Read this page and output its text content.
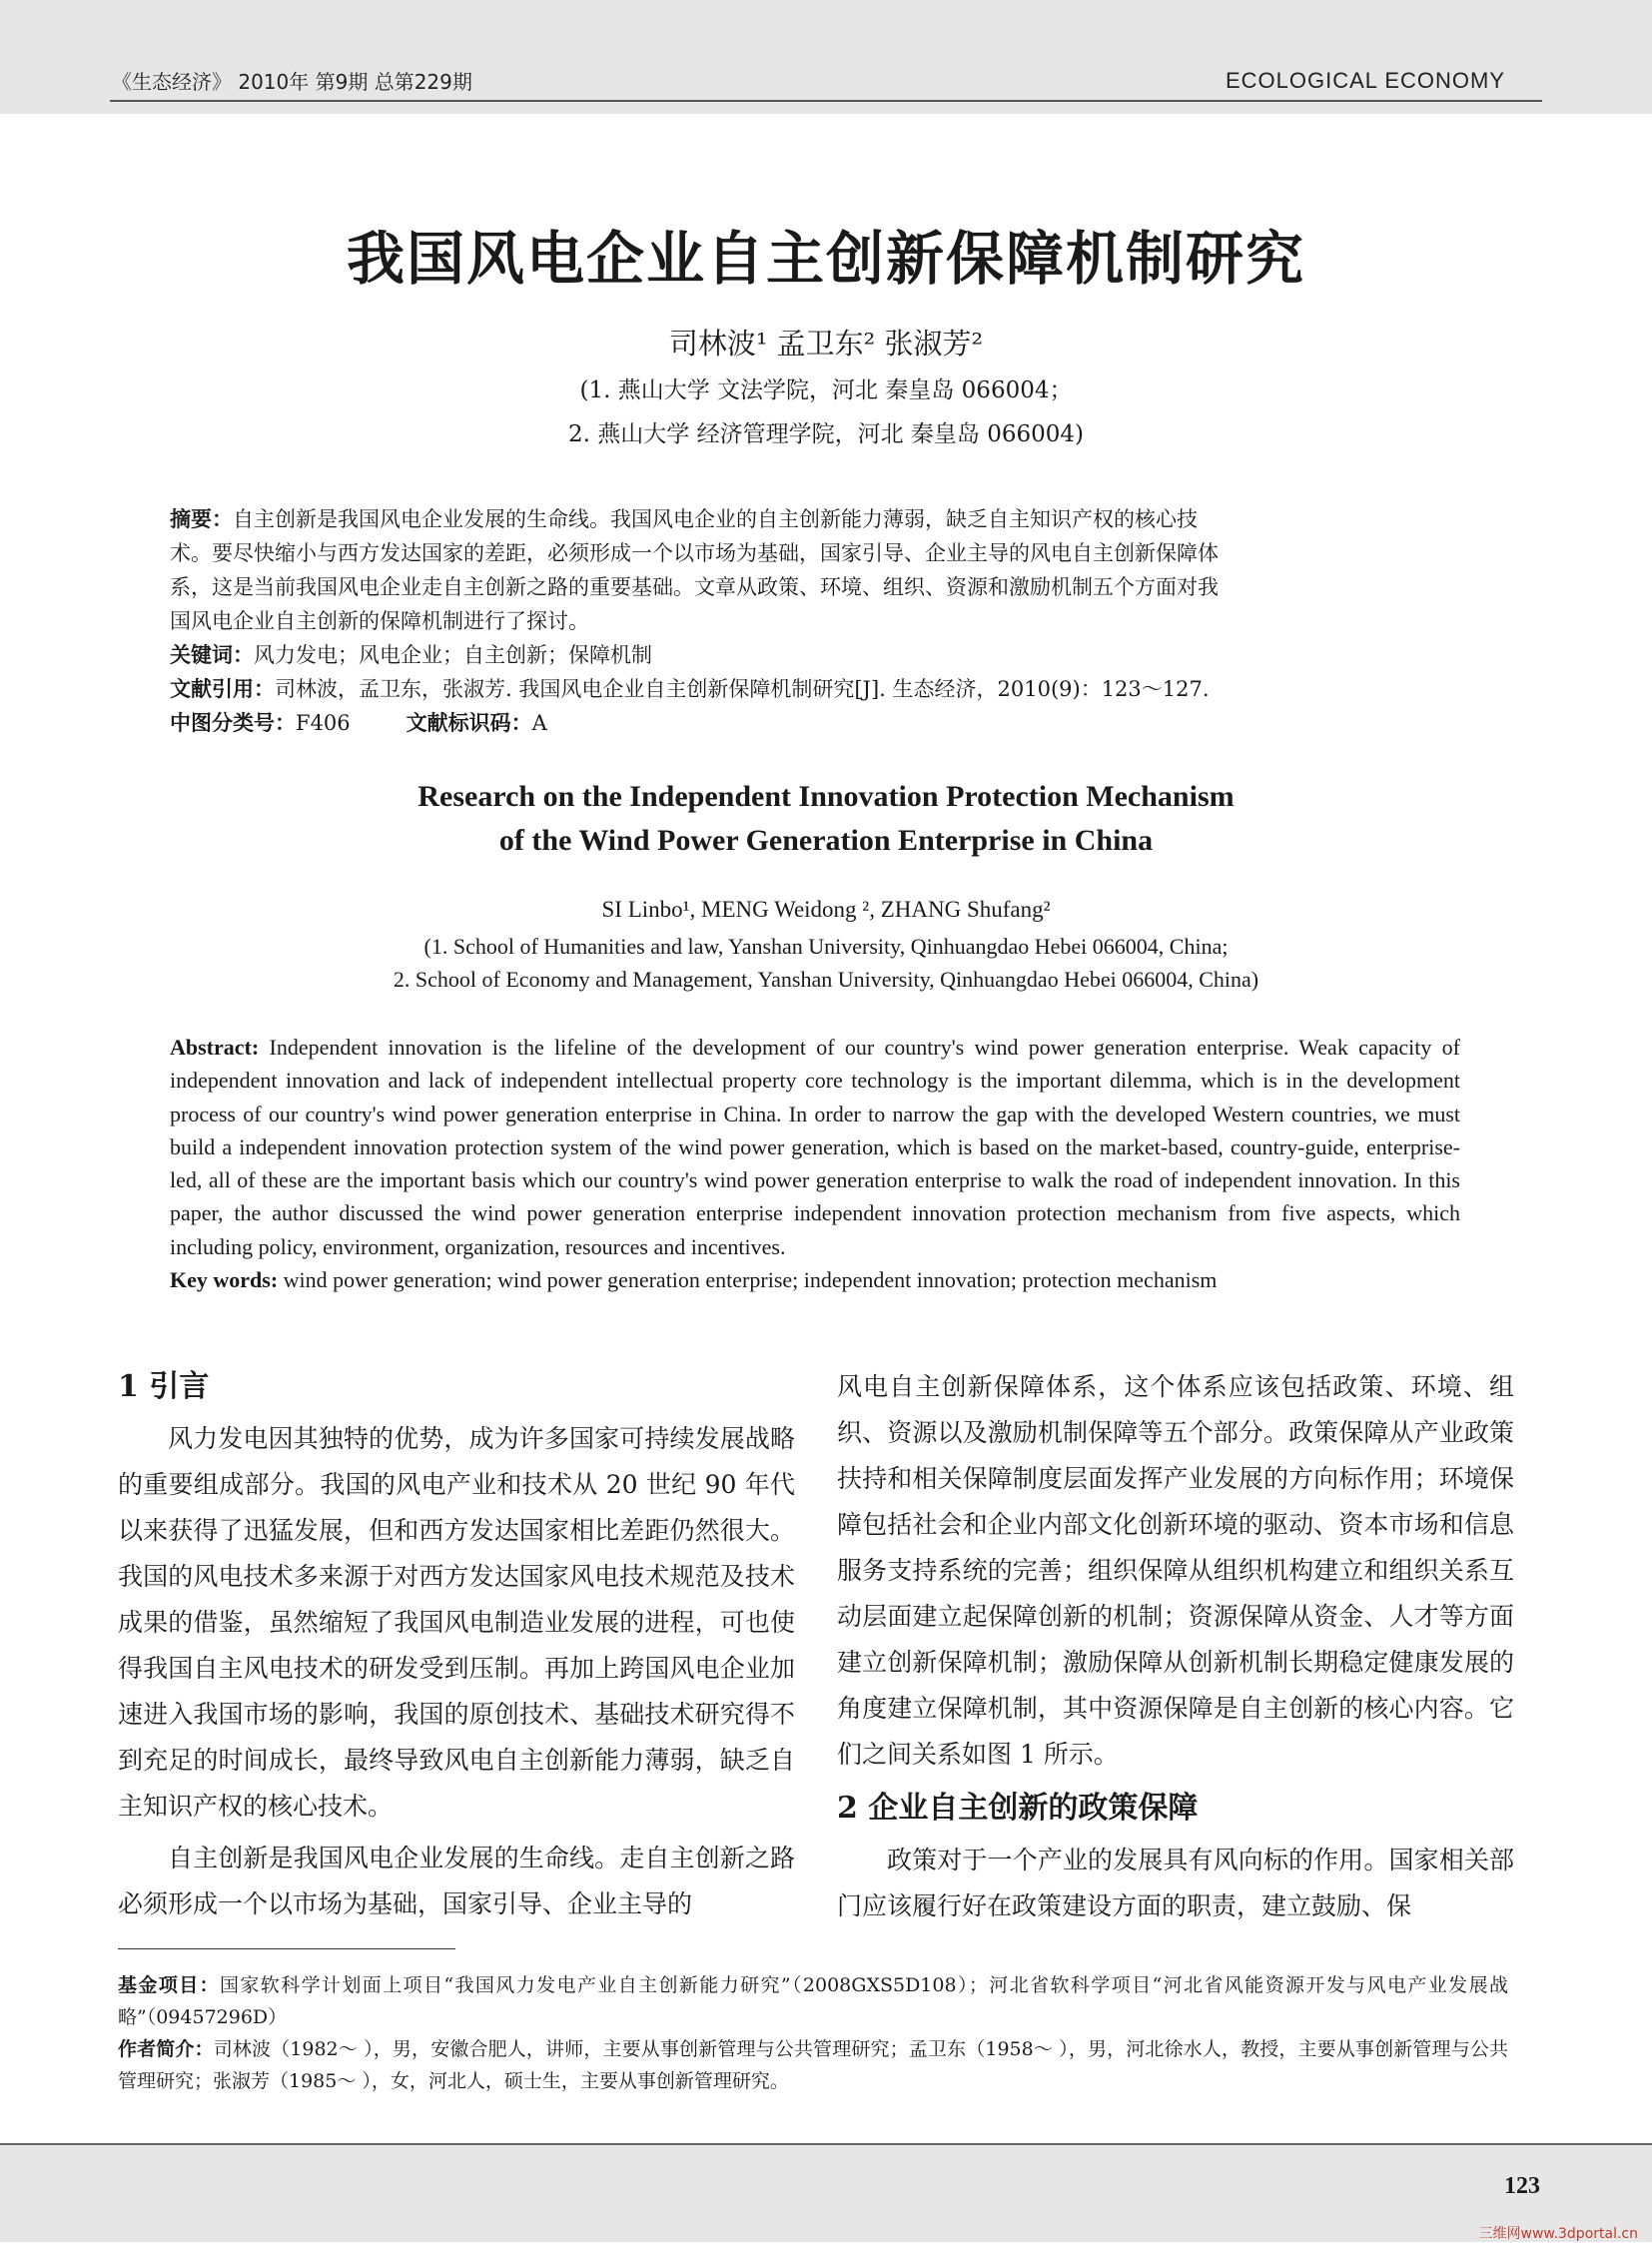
《生态经济》 2010年 第9期 总第229期	ECOLOGICAL ECONOMY
我国风电企业自主创新保障机制研究
司林波¹ 孟卫东² 张淑芳²
(1. 燕山大学 文法学院，河北 秦皇岛 066004；
2. 燕山大学 经济管理学院，河北 秦皇岛 066004)
摘要：自主创新是我国风电企业发展的生命线。我国风电企业的自主创新能力薄弱，缺乏自主知识产权的核心技
术。要尽快缩小与西方发达国家的差距，必须形成一个以市场为基础，国家引导、企业主导的风电自主创新保障体
系，这是当前我国风电企业走自主创新之路的重要基础。文章从政策、环境、组织、资源和激励机制五个方面对我
国风电企业自主创新的保障机制进行了探讨。
关键词：风力发电；风电企业；自主创新；保障机制
文献引用：司林波，孟卫东，张淑芳. 我国风电企业自主创新保障机制研究[J]. 生态经济，2010(9)：123～127.
中图分类号：F406	文献标识码：A
Research on the Independent Innovation Protection Mechanism
of the Wind Power Generation Enterprise in China
SI Linbo¹, MENG Weidong ², ZHANG Shufang²
(1. School of Humanities and law, Yanshan University, Qinhuangdao Hebei 066004, China;
2. School of Economy and Management, Yanshan University, Qinhuangdao Hebei 066004, China)
Abstract: Independent innovation is the lifeline of the development of our country's wind power generation enterprise. Weak capacity of independent innovation and lack of independent intellectual property core technology is the important dilemma, which is in the development process of our country's wind power generation enterprise in China. In order to narrow the gap with the developed Western countries, we must build a independent innovation protection system of the wind power generation, which is based on the market-based, country-guide, enterprise-led, all of these are the important basis which our country's wind power generation enterprise to walk the road of independent innovation. In this paper, the author discussed the wind power generation enterprise independent innovation protection mechanism from five aspects, which including policy, environment, organization, resources and incentives.
Key words: wind power generation; wind power generation enterprise; independent innovation; protection mechanism
1 引言

风力发电因其独特的优势，成为许多国家可持续发展战略的重要组成部分。我国的风电产业和技术从 20 世纪 90 年代以来获得了迅猛发展，但和西方发达国家相比差距仍然很大。我国的风电技术多来源于对西方发达国家风电技术规范及技术成果的借鉴，虽然缩短了我国风电制造业发展的进程，可也使得我国自主风电技术的研发受到压制。再加上跨国风电企业加速进入我国市场的影响，我国的原创技术、基础技术研究得不到充足的时间成长，最终导致风电自主创新能力薄弱，缺乏自主知识产权的核心技术。

自主创新是我国风电企业发展的生命线。走自主创新之路必须形成一个以市场为基础，国家引导、企业主导的

风电自主创新保障体系，这个体系应该包括政策、环境、组织、资源以及激励机制保障等五个部分。政策保障从产业政策扶持和相关保障制度层面发挥产业发展的方向标作用；环境保障包括社会和企业内部文化创新环境的驱动、资本市场和信息服务支持系统的完善；组织保障从组织机构建立和组织关系互动层面建立起保障创新的机制；资源保障从资金、人才等方面建立创新保障机制；激励保障从创新机制长期稳定健康发展的角度建立保障机制，其中资源保障是自主创新的核心内容。它们之间关系如图 1 所示。

2 企业自主创新的政策保障

政策对于一个产业的发展具有风向标的作用。国家相关部门应该履行好在政策建设方面的职责，建立鼓励、保

基金项目：国家软科学计划面上项目“我国风力发电产业自主创新能力研究”（2008GXS5D108）；河北省软科学项目“河北省风能资源开发与风电产业发展战略”（09457296D）
作者简介：司林波（1982～ ），男，安徽合肥人，讲师，主要从事创新管理与公共管理研究；孟卫东（1958～ ），男，河北徐水人，教授，主要从事创新管理与公共管理研究；张淑芳（1985～ ），女，河北人，硕士生，主要从事创新管理研究。
123
三维网www.3dportal.cn
